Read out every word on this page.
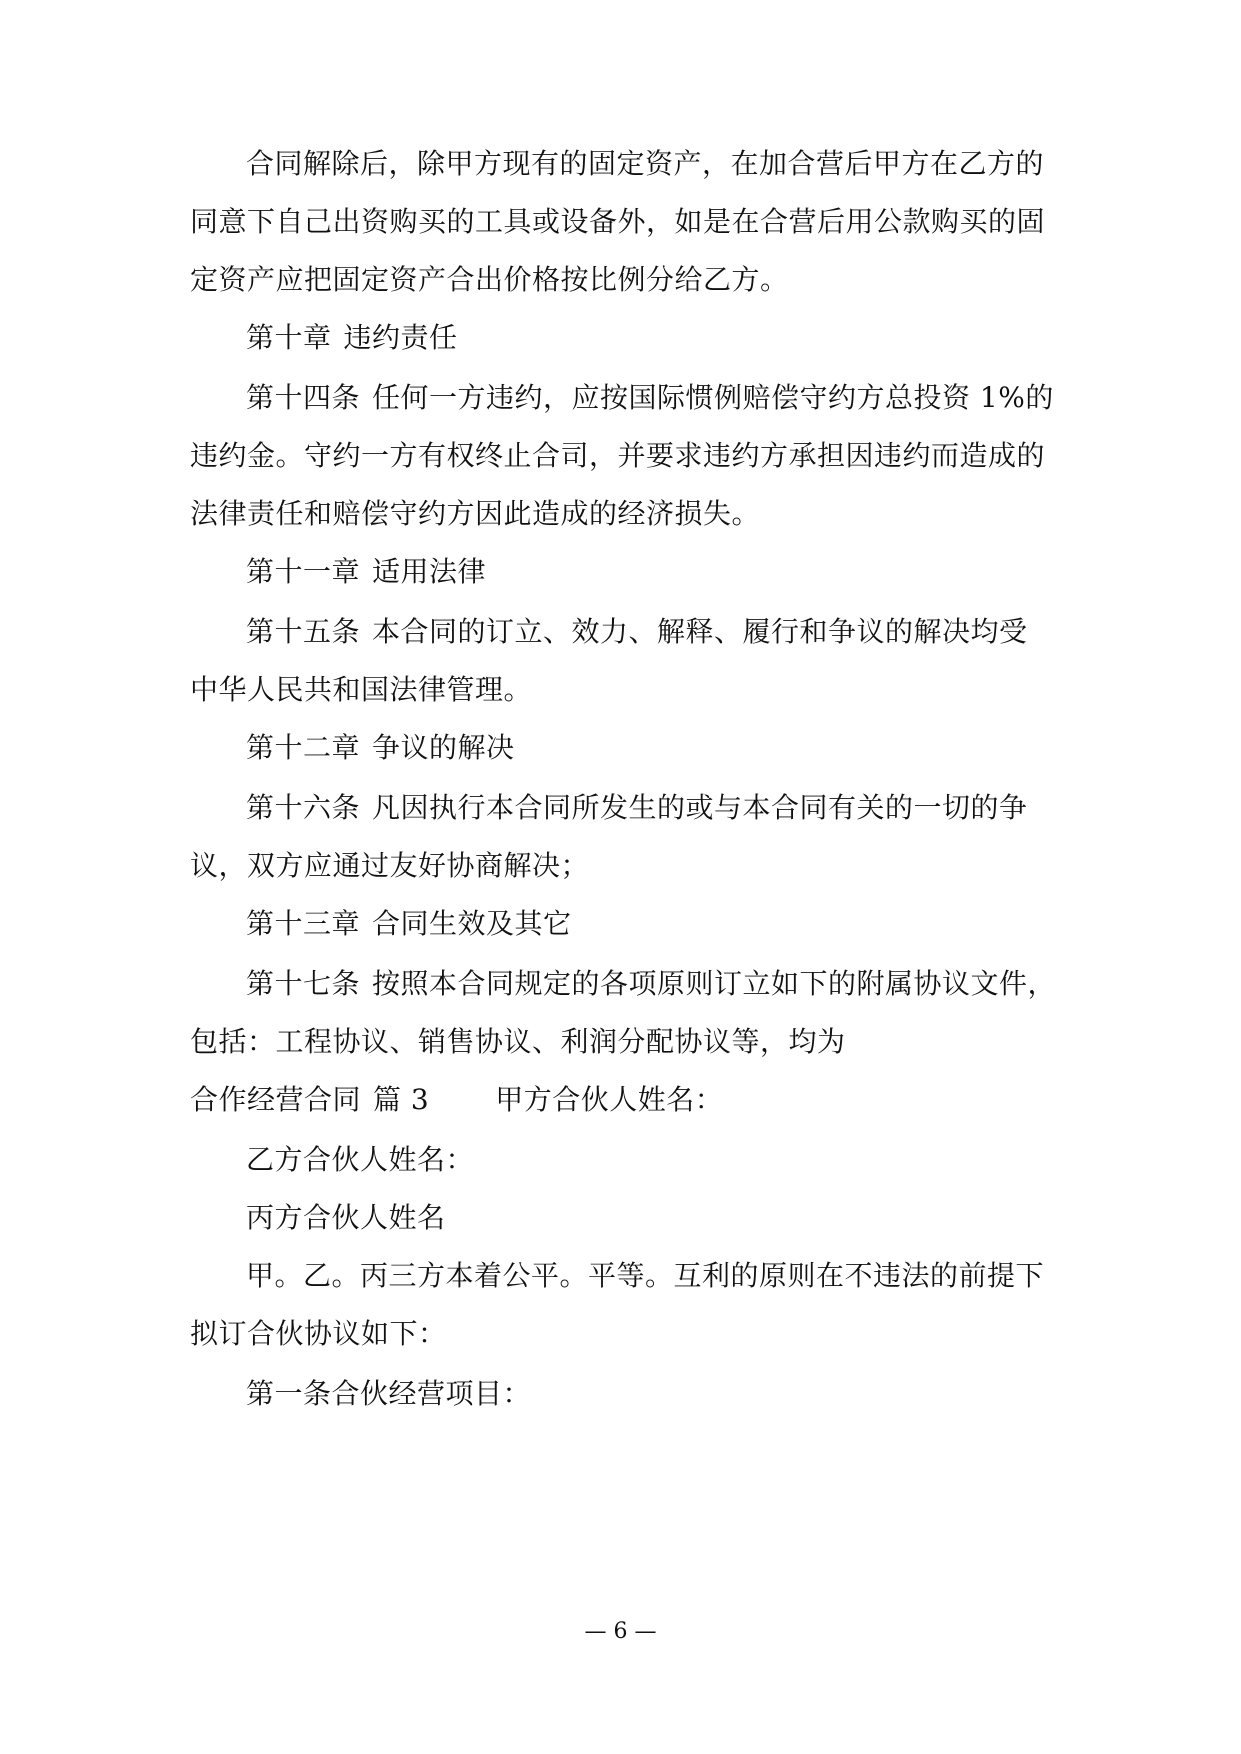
合同解除后，除甲方现有的固定资产，在加合营后甲方在乙方的
同意下自己出资购买的工具或设备外，如是在合营后用公款购买的固
定资产应把固定资产合出价格按比例分给乙方。
第十章 违约责任
第十四条 任何一方违约，应按国际惯例赔偿守约方总投资 1%的
违约金。守约一方有权终止合司，并要求违约方承担因违约而造成的
法律责任和赔偿守约方因此造成的经济损失。
第十一章 适用法律
第十五条 本合同的订立、效力、解释、履行和争议的解决均受
中华人民共和国法律管理。
第十二章 争议的解决
第十六条 凡因执行本合同所发生的或与本合同有关的一切的争
议，双方应通过友好协商解决；
第十三章 合同生效及其它
第十七条 按照本合同规定的各项原则订立如下的附属协议文件，
包括：工程协议、销售协议、利润分配协议等，均为
合作经营合同 篇 3 甲方合伙人姓名：
乙方合伙人姓名：
丙方合伙人姓名
甲。乙。丙三方本着公平。平等。互利的原则在不违法的前提下
拟订合伙协议如下：
第一条合伙经营项目：
— 6 —
